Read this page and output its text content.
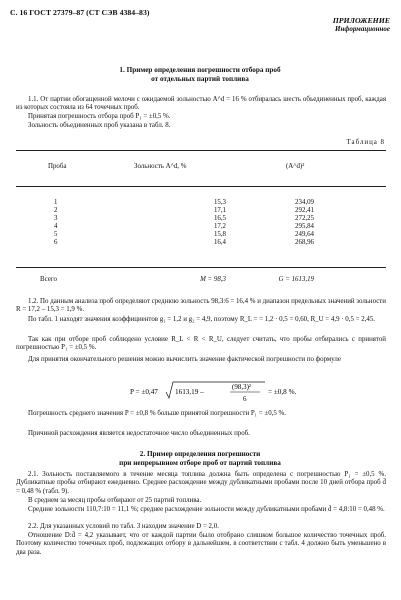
С. 16 ГОСТ 27379–87 (СТ СЭВ 4384–83)
ПРИЛОЖЕНИЕ
Информационное
1. Пример определения погрешности отбора проб
от отдельных партий топлива
1.1. От партии обогащенной мелочи с ожидаемой зольностью A^d = 16 % отбиралась шесть объединенных проб, каждая из которых состояла из 64 точечных проб.
Принятая погрешность отбора проб P₁ = ±0,5 %.
Зольность объединенных проб указана в табл. 8.
Таблица 8
Проба	Зольность A^d, %	(A^d)²
1	15,3	234,09
2	17,1	292,41
3	16,5	272,25
4	17,2	295,84
5	15,8	249,64
6	16,4	268,96
Всего	M = 98,3	G = 1613,19
1.2. По данным анализа проб определяют среднюю зольность 98,3:6 = 16,4 % и диапазон предельных значений зольности R = 17,2 – 15,3 = 1,9 %.
По табл. 1 находят значения коэффициентов g₁ = 1,2 и g₂ = 4,9, поэтому R_L = = 1,2 · 0,5 = 0,60, R_U = 4,9 · 0,5 = 2,45.
Так как при отборе проб соблюдено условие R_L < R < R_U, следует считать, что пробы отбирались с принятой погрешностью P₁ = ±0,5 %.
Для принятия окончательного решения можно вычислить значение фактической погрешности по формуле
P = ±0,47 1613,19 –
(98,3)²
6
= ±0,8 %.
Погрешность среднего значения P = ±0,8 % больше принятой погрешности P₁ = ±0,5 %.
Причиной расхождения является недостаточное число объединенных проб.
2. Пример определения погрешности
при непрерывном отборе проб от партий топлива
2.1. Зольность поставляемого в течение месяца топлива должна быть определена с погрешностью P₁ = ±0,5 %. Дубликатные пробы отбирают ежедневно. Среднее расхождение между дубликатными пробами после 10 дней отбора проб d̄ = 0,48 % (табл. 9).
В среднем за месяц пробы отбирают от 25 партий топлива.
Средние зольности 110,7:10 = 11,1 %; среднее расхождение зольности между дубликатными пробами d̄ = 4,8:10 = 0,48 %.
2.2. Для указанных условий по табл. 3 находим значение D = 2,0.
Отношение D:d̄ = 4,2 указывает, что от каждой партии было отобрано слишком большое количество точечных проб. Поэтому количество точечных проб, подлежащих отбору в дальнейшем, в соответствии с табл. 4 должно быть уменьшено в два раза.
